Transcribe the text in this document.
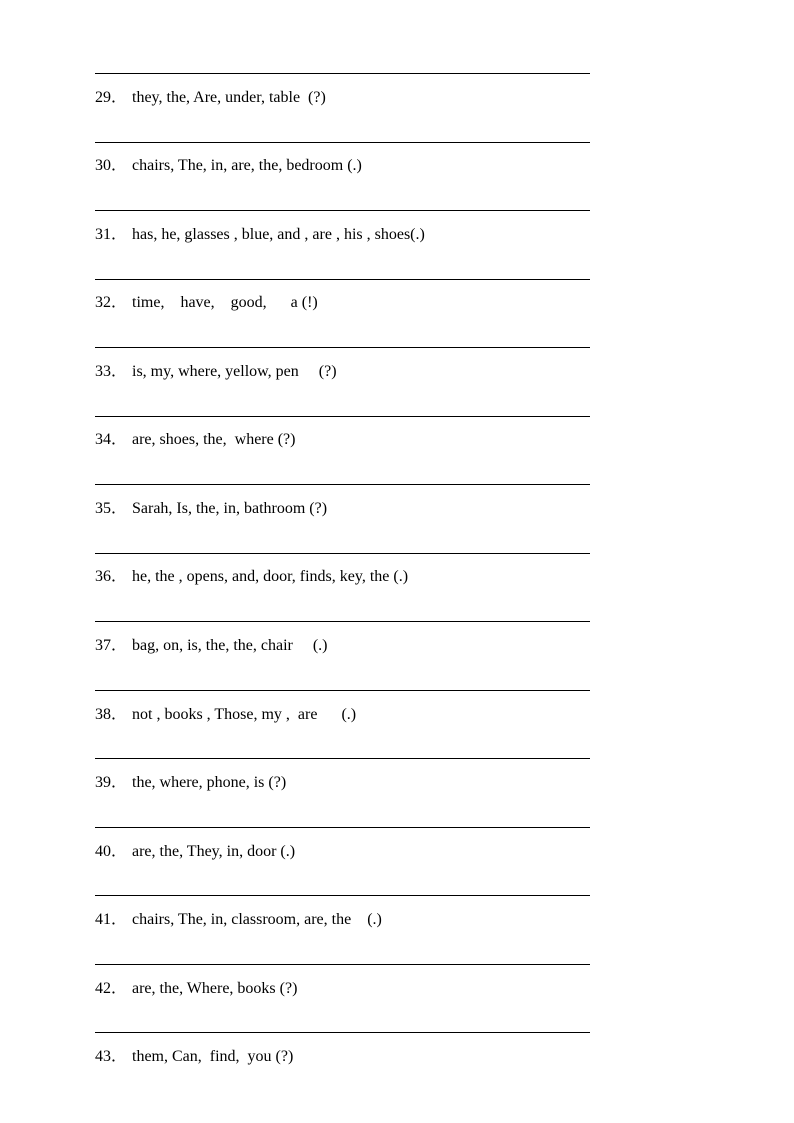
29． they, the, Are, under, table  (?)
30． chairs, The, in, are, the, bedroom (.)
31． has, he, glasses , blue, and , are , his , shoes(.)
32． time,    have,    good,      a (!)
33． is, my, where, yellow, pen     (?)
34． are, shoes, the,  where (?)
35． Sarah, Is, the, in, bathroom (?)
36． he, the , opens, and, door, finds, key, the (.)
37． bag, on, is, the, the, chair     (.)
38． not , books , Those, my ,  are      (.)
39． the, where, phone, is (?)
40． are, the, They, in, door (.)
41． chairs, The, in, classroom, are, the    (.)
42． are, the, Where, books (?)
43． them, Can,  find,  you (?)
